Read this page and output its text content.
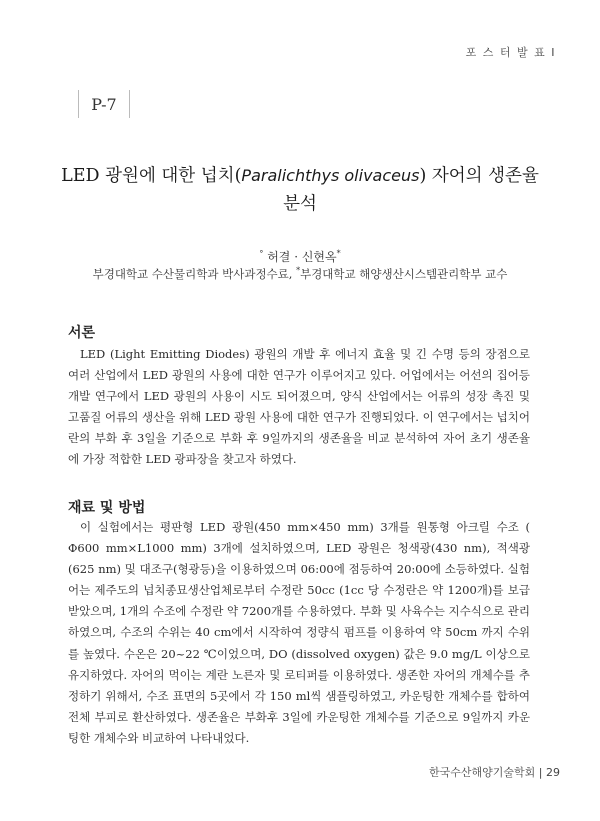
포 스 터 발 표 I
P-7
LED 광원에 대한 넙치(Paralichthys olivaceus) 자어의 생존율
분석
° 허결 · 신현옥*
부경대학교 수산물리학과 박사과정수료, *부경대학교 해양생산시스템관리학부 교수
서론

LED (Light Emitting Diodes) 광원의 개발 후 에너지 효율 및 긴 수명 등의 장점으로 여러 산업에서 LED 광원의 사용에 대한 연구가 이루어지고 있다. 어업에서는 어선의 집어등 개발 연구에서 LED 광원의 사용이 시도 되어졌으며, 양식 산업에서는 어류의 성장 촉진 및 고품질 어류의 생산을 위해 LED 광원 사용에 대한 연구가 진행되었다. 이 연구에서는 넙치어란의 부화 후 3일을 기준으로 부화 후 9일까지의 생존율을 비교 분석하여 자어 초기 생존율에 가장 적합한 LED 광파장을 찾고자 하였다.

재료 및 방법

이 실험에서는 평판형 LED 광원(450 mm×450 mm) 3개를 원통형 아크릴 수조 ( Φ600 mm×L1000 mm) 3개에 설치하였으며, LED 광원은 청색광(430 nm), 적색광(625 nm) 및 대조구(형광등)을 이용하였으며 06:00에 점등하여 20:00에 소등하였다. 실험어는 제주도의 넙치종묘생산업체로부터 수정란 50cc (1cc 당 수정란은 약 1200개)를 보급 받았으며, 1개의 수조에 수정란 약 7200개를 수용하였다. 부화 및 사육수는 지수식으로 관리하였으며, 수조의 수위는 40 cm에서 시작하여 정량식 펌프를 이용하여 약 50cm 까지 수위를 높였다. 수온은 20~22 ℃이었으며, DO (dissolved oxygen) 값은 9.0 mg/L 이상으로 유지하였다. 자어의 먹이는 계란 노른자 및 로티퍼를 이용하였다. 생존한 자어의 개체수를 추정하기 위해서, 수조 표면의 5곳에서 각 150 ml씩 샘플링하였고, 카운팅한 개체수를 합하여 전체 부피로 환산하였다. 생존율은 부화후 3일에 카운팅한 개체수를 기준으로 9일까지 카운팅한 개체수와 비교하여 나타내었다.

한국수산해양기술학회 | 29
